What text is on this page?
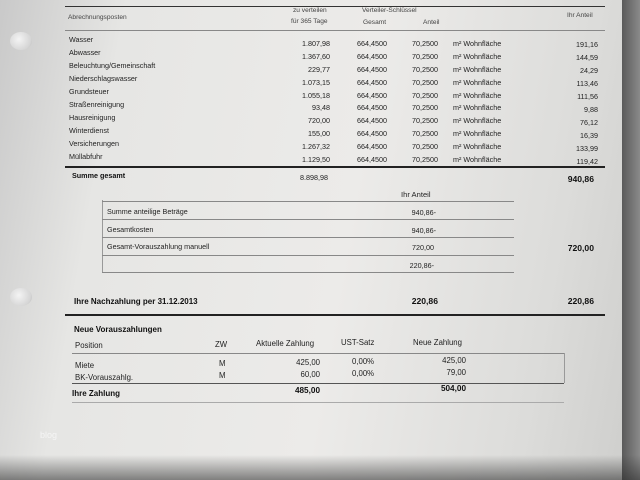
Abrechnungsposten
zu verteilen
für 365 Tage
Verteiler-Schlüssel
Gesamt	Anteil
Ihr Anteil
Wasser	1.807,98	664,4500	70,2500 m² Wohnfläche	191,16
Abwasser	1.367,60	664,4500	70,2500 m² Wohnfläche	144,59
Beleuchtung/Gemeinschaft	229,77	664,4500	70,2500 m² Wohnfläche	24,29
Niederschlagswasser	1.073,15	664,4500	70,2500 m² Wohnfläche	113,46
Grundsteuer	1.055,18	664,4500	70,2500 m² Wohnfläche	111,56
Straßenreinigung	93,48	664,4500	70,2500 m² Wohnfläche	9,88
Hausreinigung	720,00	664,4500	70,2500 m² Wohnfläche	76,12
Winterdienst	155,00	664,4500	70,2500 m² Wohnfläche	16,39
Versicherungen	1.267,32	664,4500	70,2500 m² Wohnfläche	133,99
Müllabfuhr	1.129,50	664,4500	70,2500 m² Wohnfläche	119,42
Summe gesamt	8.898,98	940,86
Ihr Anteil
Summe anteilige Beträge	940,86-
Gesamtkosten	940,86-
Gesamt-Vorauszahlung manuell	720,00	720,00
220,86-
Ihre Nachzahlung per 31.12.2013	220,86	220,86
Neue Vorauszahlungen
Position	ZW	Aktuelle Zahlung	UST-Satz	Neue Zahlung
Miete	M	425,00	0,00%	425,00
BK-Vorauszahlg.	M	60,00	0,00%	79,00
Ihre Zahlung	485,00	504,00
blog
